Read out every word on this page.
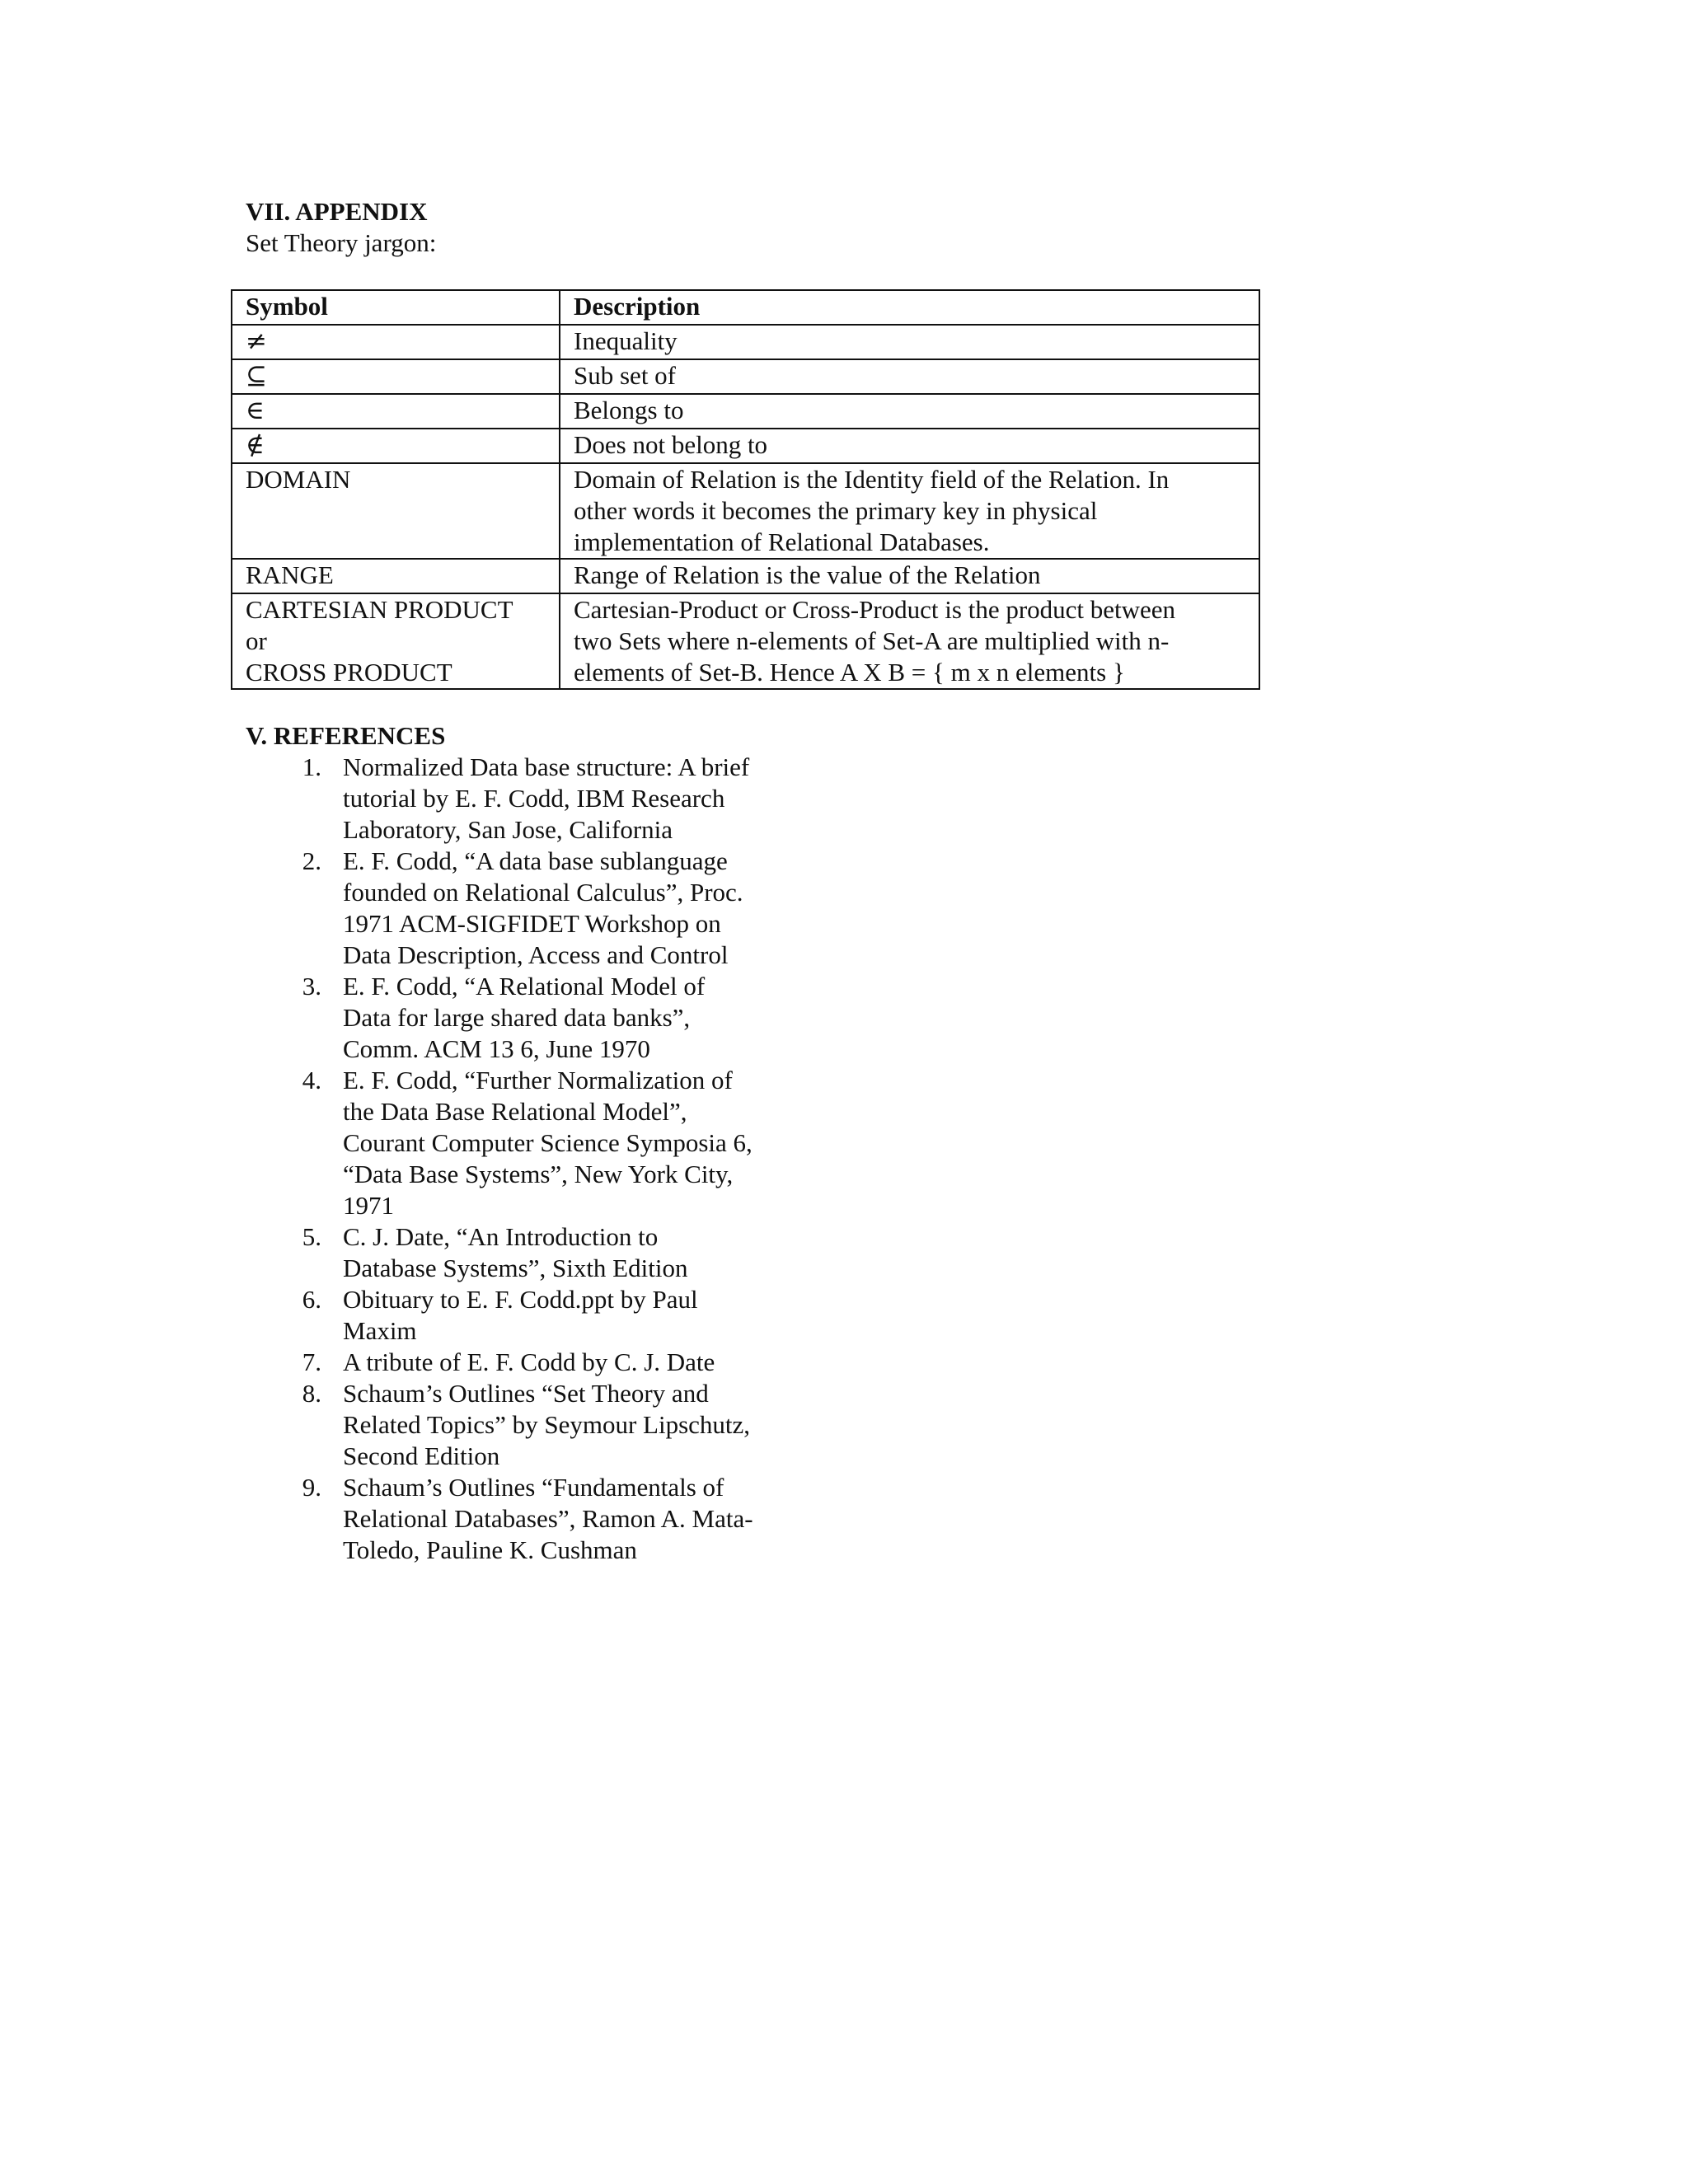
VII. APPENDIX

Set Theory jargon:

Symbol	Description
≠	Inequality
⊆	Sub set of
∈	Belongs to
∉	Does not belong to
DOMAIN	Domain of Relation is the Identity field of the Relation. In
other words it becomes the primary key in physical
implementation of Relational Databases.
RANGE	Range of Relation is the value of the Relation
CARTESIAN PRODUCT
or
CROSS PRODUCT	Cartesian-Product or Cross-Product is the product between
two Sets where n-elements of Set-A are multiplied with n-
elements of Set-B. Hence A X B = { m x n elements }
V. REFERENCES
1. Normalized Data base structure: A brief
tutorial by E. F. Codd, IBM Research
Laboratory, San Jose, California
2. E. F. Codd, “A data base sublanguage
founded on Relational Calculus”, Proc.
1971 ACM-SIGFIDET Workshop on
Data Description, Access and Control
3. E. F. Codd, “A Relational Model of
Data for large shared data banks”,
Comm. ACM 13 6, June 1970
4. E. F. Codd, “Further Normalization of
the Data Base Relational Model”,
Courant Computer Science Symposia 6,
“Data Base Systems”, New York City,
1971
5. C. J. Date, “An Introduction to
Database Systems”, Sixth Edition
6. Obituary to E. F. Codd.ppt by Paul
Maxim
7. A tribute of E. F. Codd by C. J. Date
8. Schaum’s Outlines “Set Theory and
Related Topics” by Seymour Lipschutz,
Second Edition
9. Schaum’s Outlines “Fundamentals of
Relational Databases”, Ramon A. Mata-
Toledo, Pauline K. Cushman
